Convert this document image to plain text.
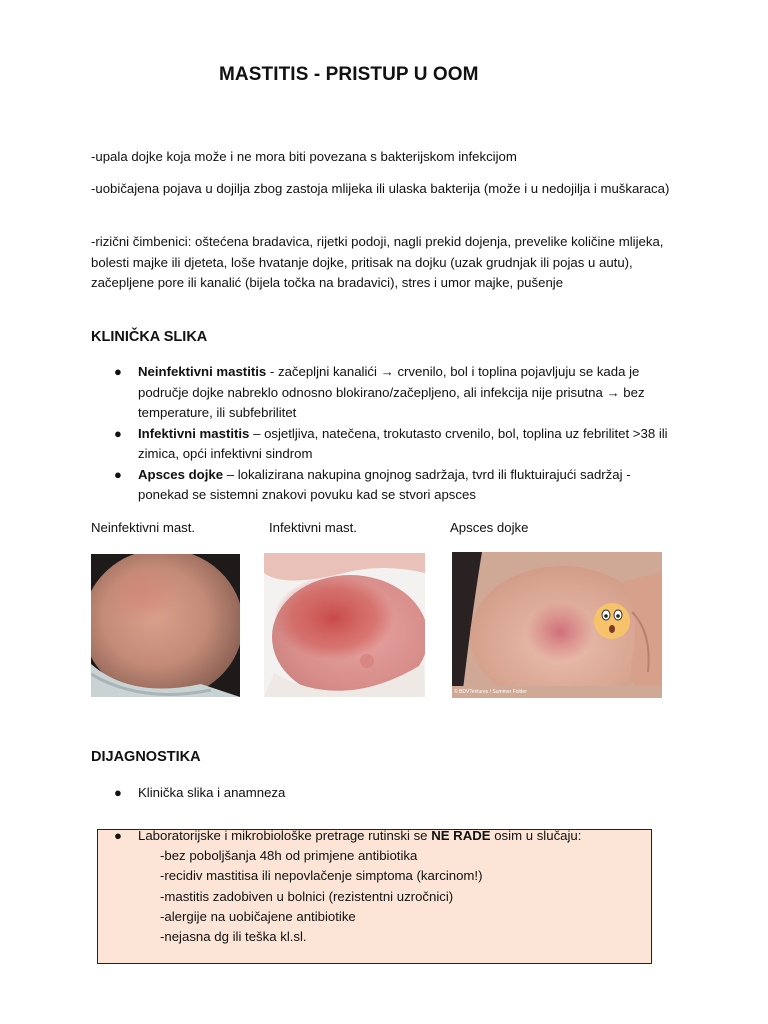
MASTITIS - PRISTUP U OOM
-upala dojke koja može i ne mora biti povezana s bakterijskom infekcijom
-uobičajena pojava u dojilja zbog zastoja mlijeka ili ulaska bakterija (može i u nedojilja i muškaraca)
-rizični čimbenici: oštećena bradavica, rijetki podoji, nagli prekid dojenja, prevelike količine mlijeka, bolesti majke ili djeteta, loše hvatanje dojke, pritisak na dojku (uzak grudnjak ili pojas u autu), začepljene pore ili kanalić (bijela točka na bradavici), stres i umor majke, pušenje
KLINIČKA SLIKA
● Neinfektivni mastitis - začepljni kanalići → crvenilo, bol i toplina pojavljuju se kada je područje dojke nabreklo odnosno blokirano/začepljeno, ali infekcija nije prisutna → bez temperature, ili subfebrilitet
● Infektivni mastitis – osjetljiva, natečena, trokutasto crvenilo, bol, toplina uz febrilitet >38 ili zimica, opći infektivni sindrom
● Apsces dojke – lokalizirana nakupina gnojnog sadržaja, tvrd ili fluktuirajući sadržaj - ponekad se sistemni znakovi povuku kad se stvori apsces
Neinfektivni mast.	Infektivni mast.	Apsces dojke
© BDVTextures / Summer Folder
DIJAGNOSTIKA
● Klinička slika i anamneza
● Laboratorijske i mikrobiološke pretrage rutinski se NE RADE osim u slučaju:
-bez poboljšanja 48h od primjene antibiotika
-recidiv mastitisa ili nepovlačenje simptoma (karcinom!)
-mastitis zadobiven u bolnici (rezistentni uzročnici)
-alergije na uobičajene antibiotike
-nejasna dg ili teška kl.sl.
